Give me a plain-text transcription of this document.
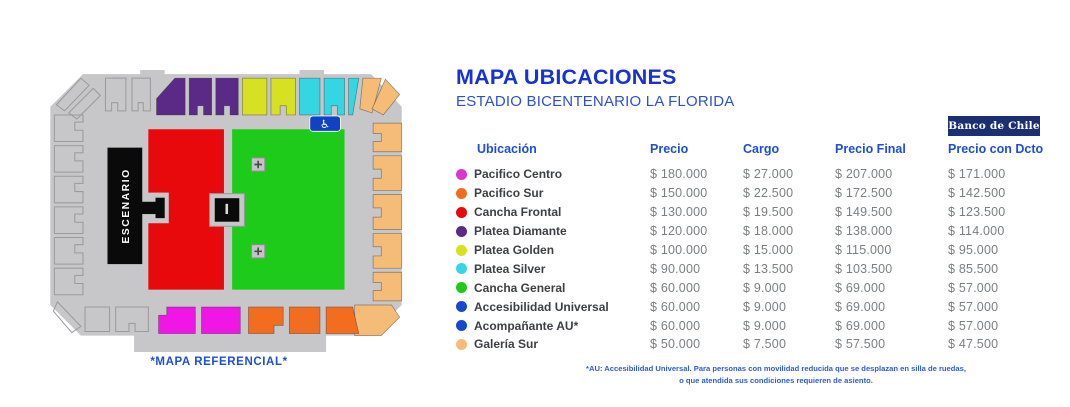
ESCENARIO
♿
*MAPA REFERENCIAL*
MAPA UBICACIONES
ESTADIO BICENTENARIO LA FLORIDA
Banco de Chile
Ubicación	Precio	Cargo	Precio Final	Precio con Dcto
Pacifico Centro	$ 180.000	$ 27.000	$ 207.000	$ 171.000
Pacifico Sur	$ 150.000	$ 22.500	$ 172.500	$ 142.500
Cancha Frontal	$ 130.000	$ 19.500	$ 149.500	$ 123.500
Platea Diamante	$ 120.000	$ 18.000	$ 138.000	$ 114.000
Platea Golden	$ 100.000	$ 15.000	$ 115.000	$ 95.000
Platea Silver	$ 90.000	$ 13.500	$ 103.500	$ 85.500
Cancha General	$ 60.000	$ 9.000	$ 69.000	$ 57.000
Accesibilidad Universal	$ 60.000	$ 9.000	$ 69.000	$ 57.000
Acompañante AU*	$ 60.000	$ 9.000	$ 69.000	$ 57.000
Galería Sur	$ 50.000	$ 7.500	$ 57.500	$ 47.500
*AU: Accesibilidad Universal. Para personas con movilidad reducida que se desplazan en silla de ruedas,
o que atendida sus condiciones requieren de asiento.
